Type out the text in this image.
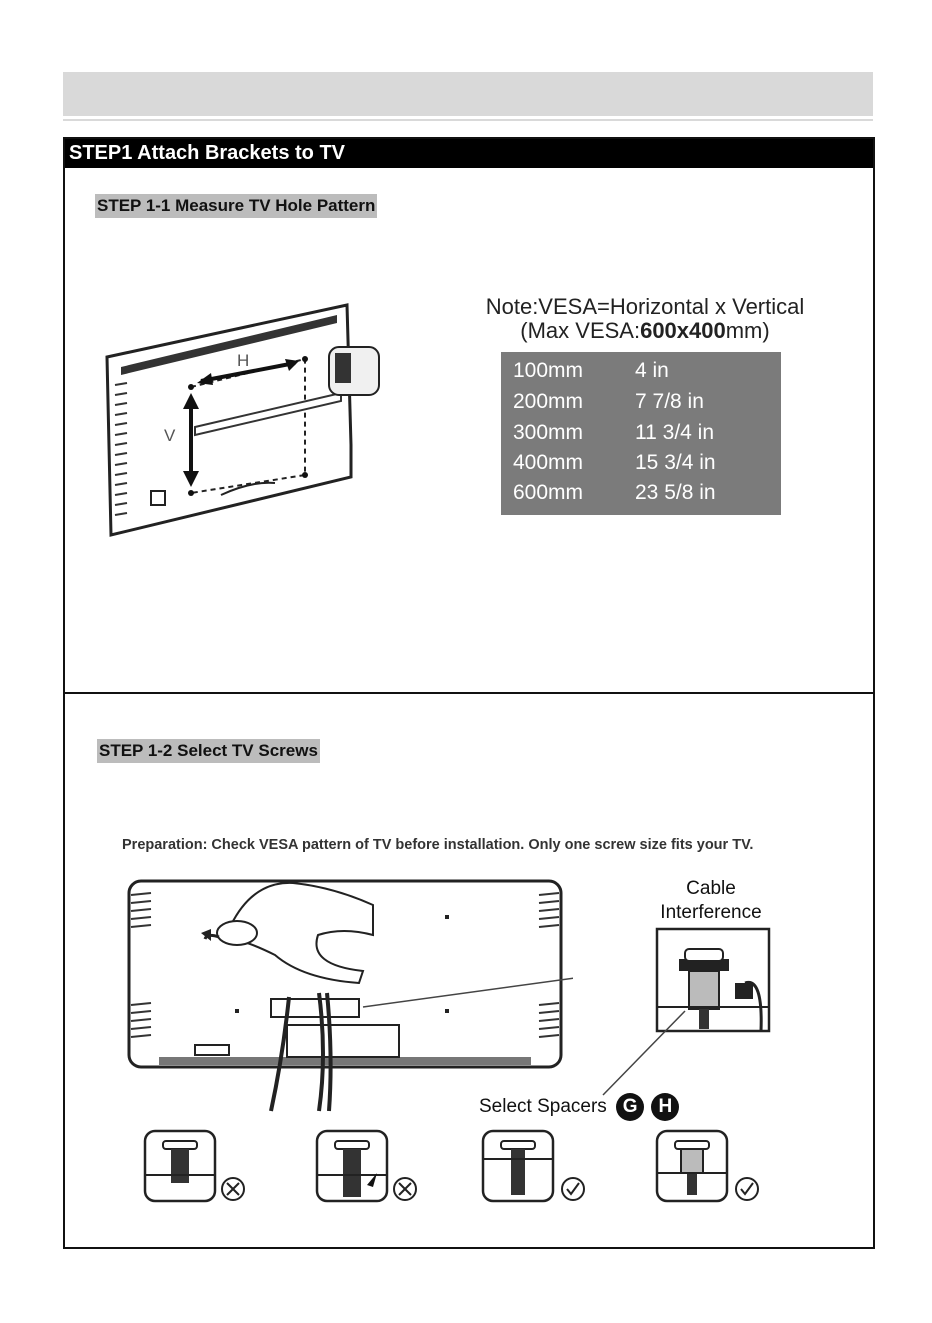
STEP1 Attach Brackets to TV
STEP 1-1 Measure TV Hole Pattern
H
V
Note:VESA=Horizontal x Vertical
(Max VESA:600x400mm)
100mm	4 in
200mm	7 7/8 in
300mm	11 3/4 in
400mm	15 3/4 in
600mm	23 5/8 in
STEP 1-2 Select TV Screws
Preparation: Check VESA pattern of TV before installation. Only one screw size fits your TV.
Cable
Interference
Select Spacers G H
